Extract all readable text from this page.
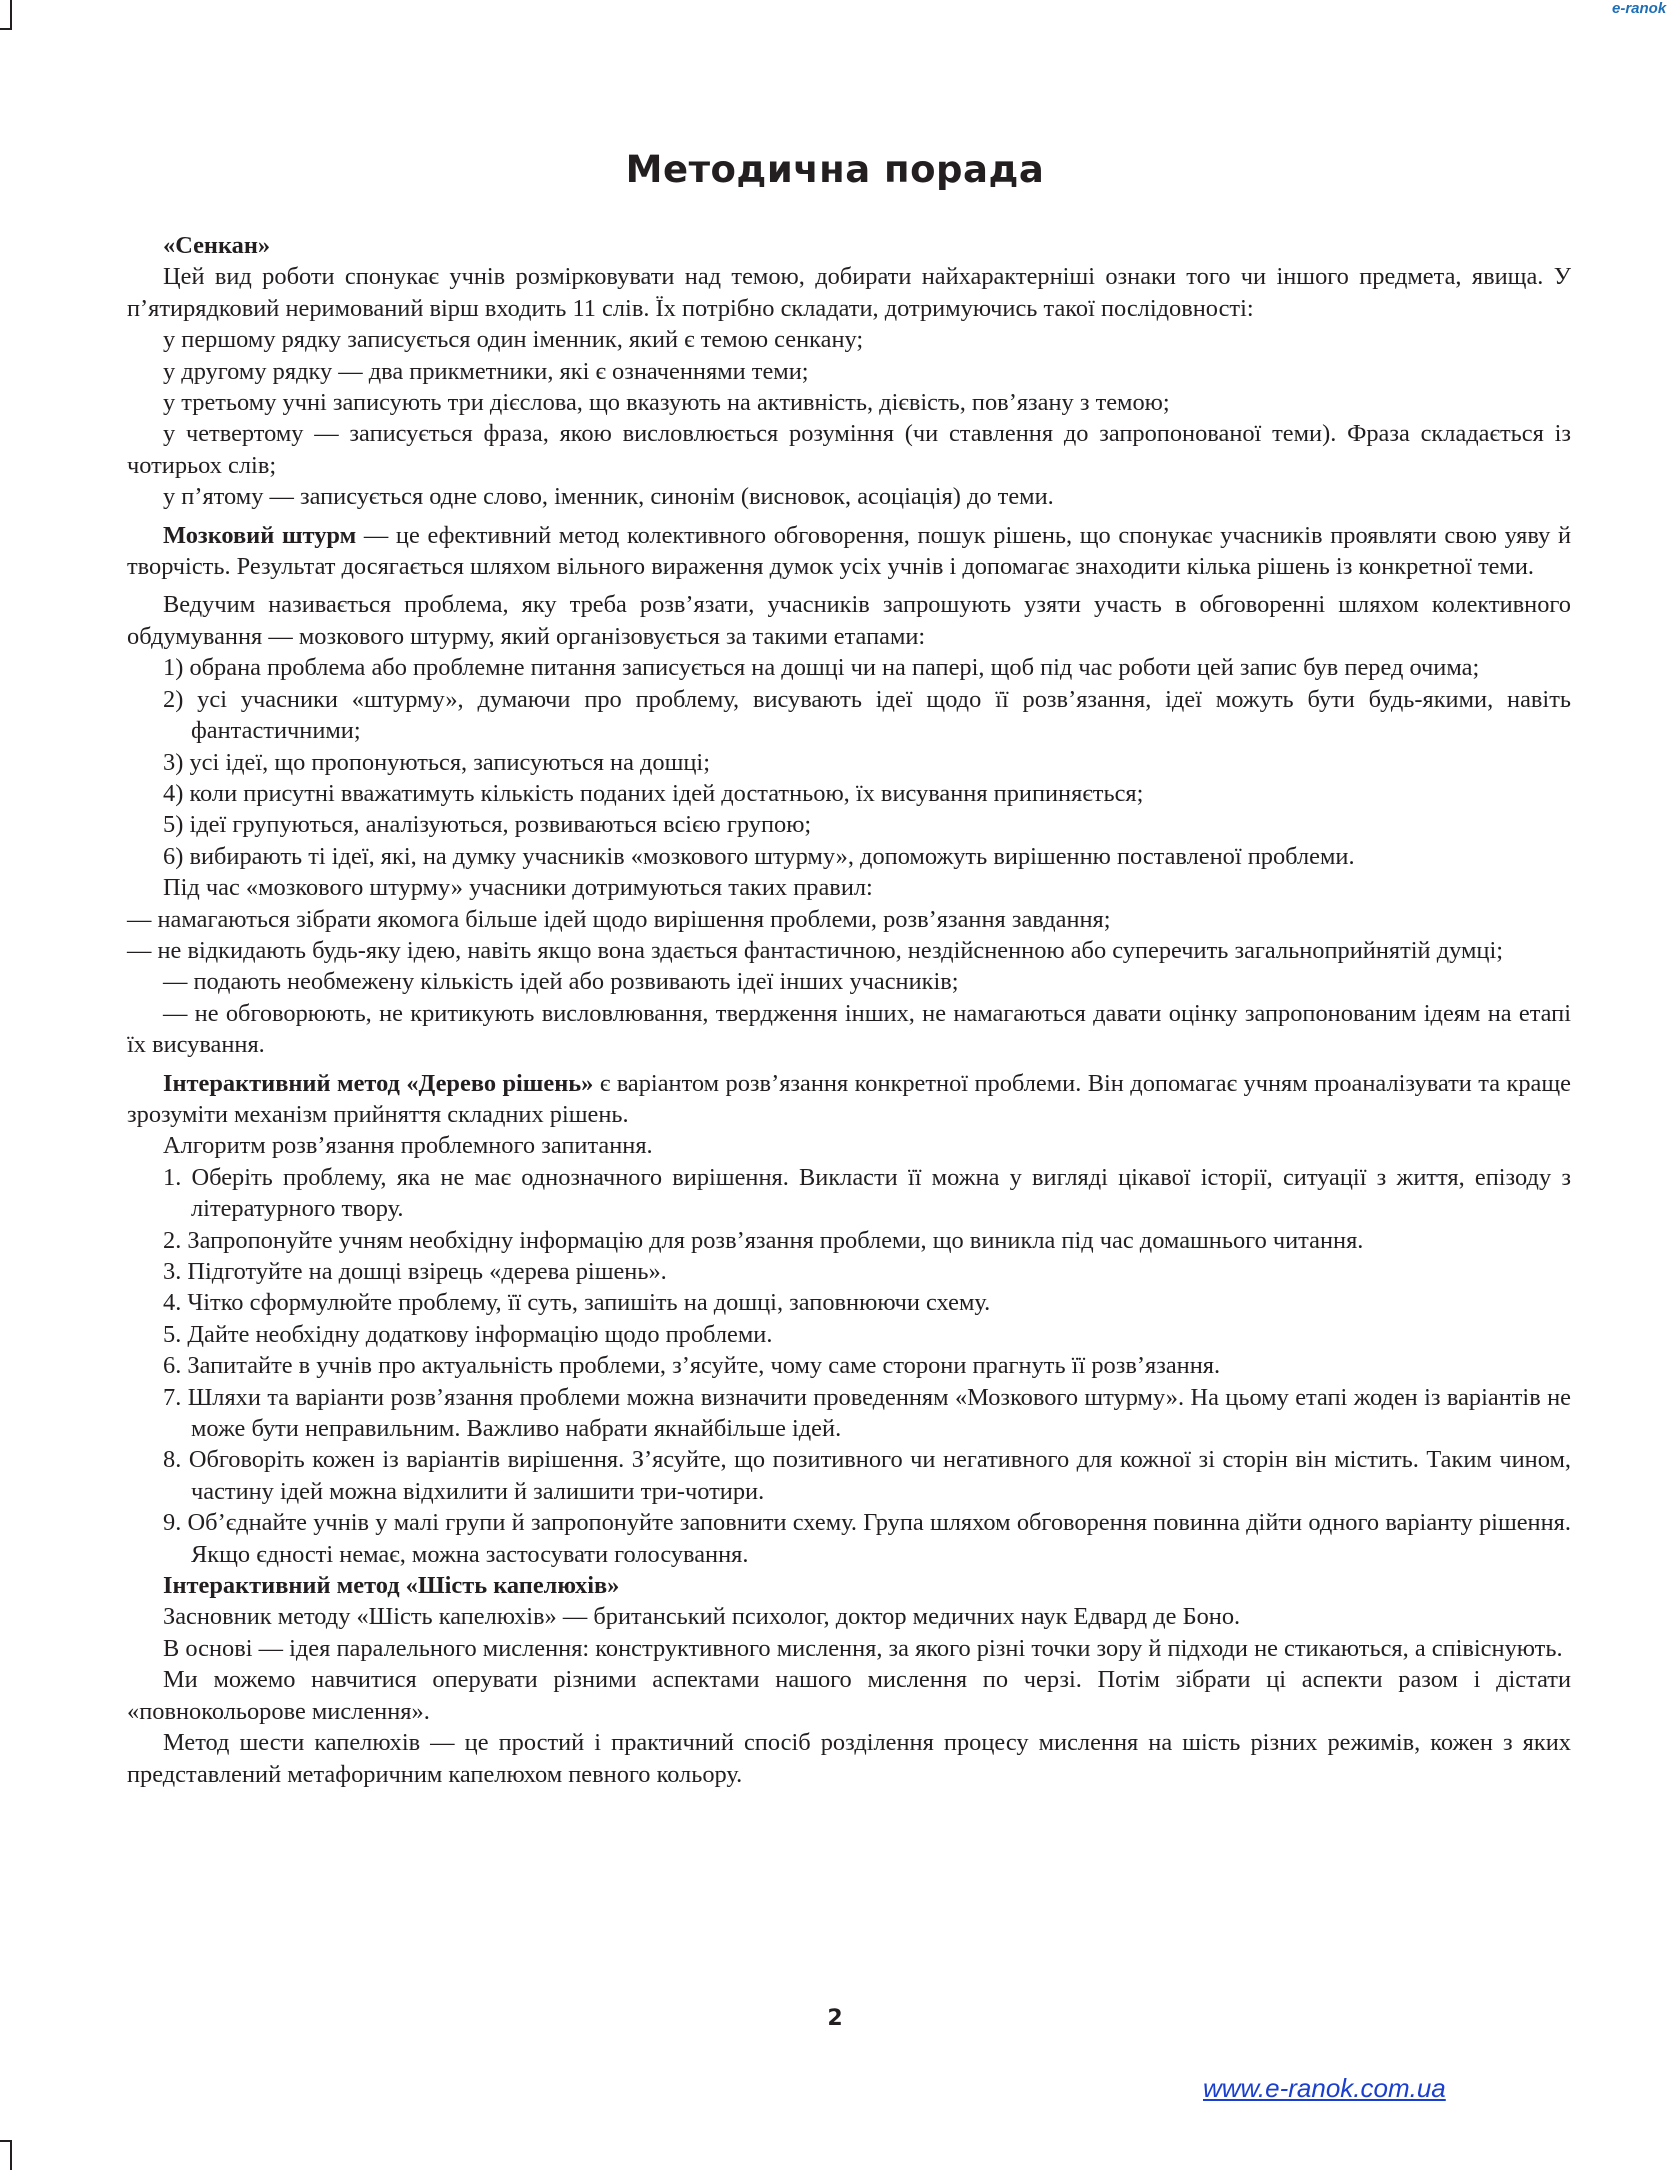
e-ranok
Методична порада

«Сенкан»

Цей вид роботи спонукає учнів розмірковувати над темою, добирати найхарактерніші ознаки того чи іншого предмета, явища. У п’ятирядковий неримований вірш входить 11 слів. Їх потрібно складати, дотримуючись такої послідовності:

у першому рядку записується один іменник, який є темою сенкану;

у другому рядку — два прикметники, які є означеннями теми;

у третьому учні записують три дієслова, що вказують на активність, дієвість, пов’язану з темою;

у четвертому — записується фраза, якою висловлюється розуміння (чи ставлення до запропонованої теми). Фраза складається із чотирьох слів;

у п’ятому — записується одне слово, іменник, синонім (висновок, асоціація) до теми.

Мозковий штурм — це ефективний метод колективного обговорення, пошук рішень, що спонукає учасників проявляти свою уяву й творчість. Результат досягається шляхом вільного вираження думок усіх учнів і допомагає знаходити кілька рішень із конкретної теми.

Ведучим називається проблема, яку треба розв’язати, учасників запрошують узяти участь в обговоренні шляхом колективного обдумування — мозкового штурму, який організовується за такими етапами:

1) обрана проблема або проблемне питання записується на дошці чи на папері, щоб під час роботи цей запис був перед очима;

2) усі учасники «штурму», думаючи про проблему, висувають ідеї щодо її розв’язання, ідеї можуть бути будь-якими, навіть фантастичними;

3) усі ідеї, що пропонуються, записуються на дошці;

4) коли присутні вважатимуть кількість поданих ідей достатньою, їх висування припиняється;

5) ідеї групуються, аналізуються, розвиваються всією групою;

6) вибирають ті ідеї, які, на думку учасників «мозкового штурму», допоможуть вирішенню поставленої проблеми.

Під час «мозкового штурму» учасники дотримуються таких правил:

— намагаються зібрати якомога більше ідей щодо вирішення проблеми, розв’язання завдання;

— не відкидають будь-яку ідею, навіть якщо вона здається фантастичною, нездійсненною або суперечить загальноприйнятій думці;

— подають необмежену кількість ідей або розвивають ідеї інших учасників;

— не обговорюють, не критикують висловлювання, твердження інших, не намагаються давати оцінку запропонованим ідеям на етапі їх висування.

Інтерактивний метод «Дерево рішень» є варіантом розв’язання конкретної проблеми. Він допомагає учням проаналізувати та краще зрозуміти механізм прийняття складних рішень.

Алгоритм розв’язання проблемного запитання.

1. Оберіть проблему, яка не має однозначного вирішення. Викласти її можна у вигляді цікавої історії, ситуації з життя, епізоду з літературного твору.

2. Запропонуйте учням необхідну інформацію для розв’язання проблеми, що виникла під час домашнього читання.

3. Підготуйте на дошці взірець «дерева рішень».

4. Чітко сформулюйте проблему, її суть, запишіть на дошці, заповнюючи схему.

5. Дайте необхідну додаткову інформацію щодо проблеми.

6. Запитайте в учнів про актуальність проблеми, з’ясуйте, чому саме сторони прагнуть її розв’язання.

7. Шляхи та варіанти розв’язання проблеми можна визначити проведенням «Мозкового штурму». На цьому етапі жоден із варіантів не може бути неправильним. Важливо набрати якнайбільше ідей.

8. Обговоріть кожен із варіантів вирішення. З’ясуйте, що позитивного чи негативного для кожної зі сторін він містить. Таким чином, частину ідей можна відхилити й залишити три-чотири.

9. Об’єднайте учнів у малі групи й запропонуйте заповнити схему. Група шляхом обговорення повинна дійти одного варіанту рішення. Якщо єдності немає, можна застосувати голосування.

Інтерактивний метод «Шість капелюхів»

Засновник методу «Шість капелюхів» — британський психолог, доктор медичних наук Едвард де Боно.

В основі — ідея паралельного мислення: конструктивного мислення, за якого різні точки зору й підходи не стикаються, а співіснують.

Ми можемо навчитися оперувати різними аспектами нашого мислення по черзі. Потім зібрати ці аспекти разом і дістати «повнокольорове мислення».

Метод шести капелюхів — це простий і практичний спосіб розділення процесу мислення на шість різних режимів, кожен з яких представлений метафоричним капелюхом певного кольору.

2
www.e-ranok.com.ua
